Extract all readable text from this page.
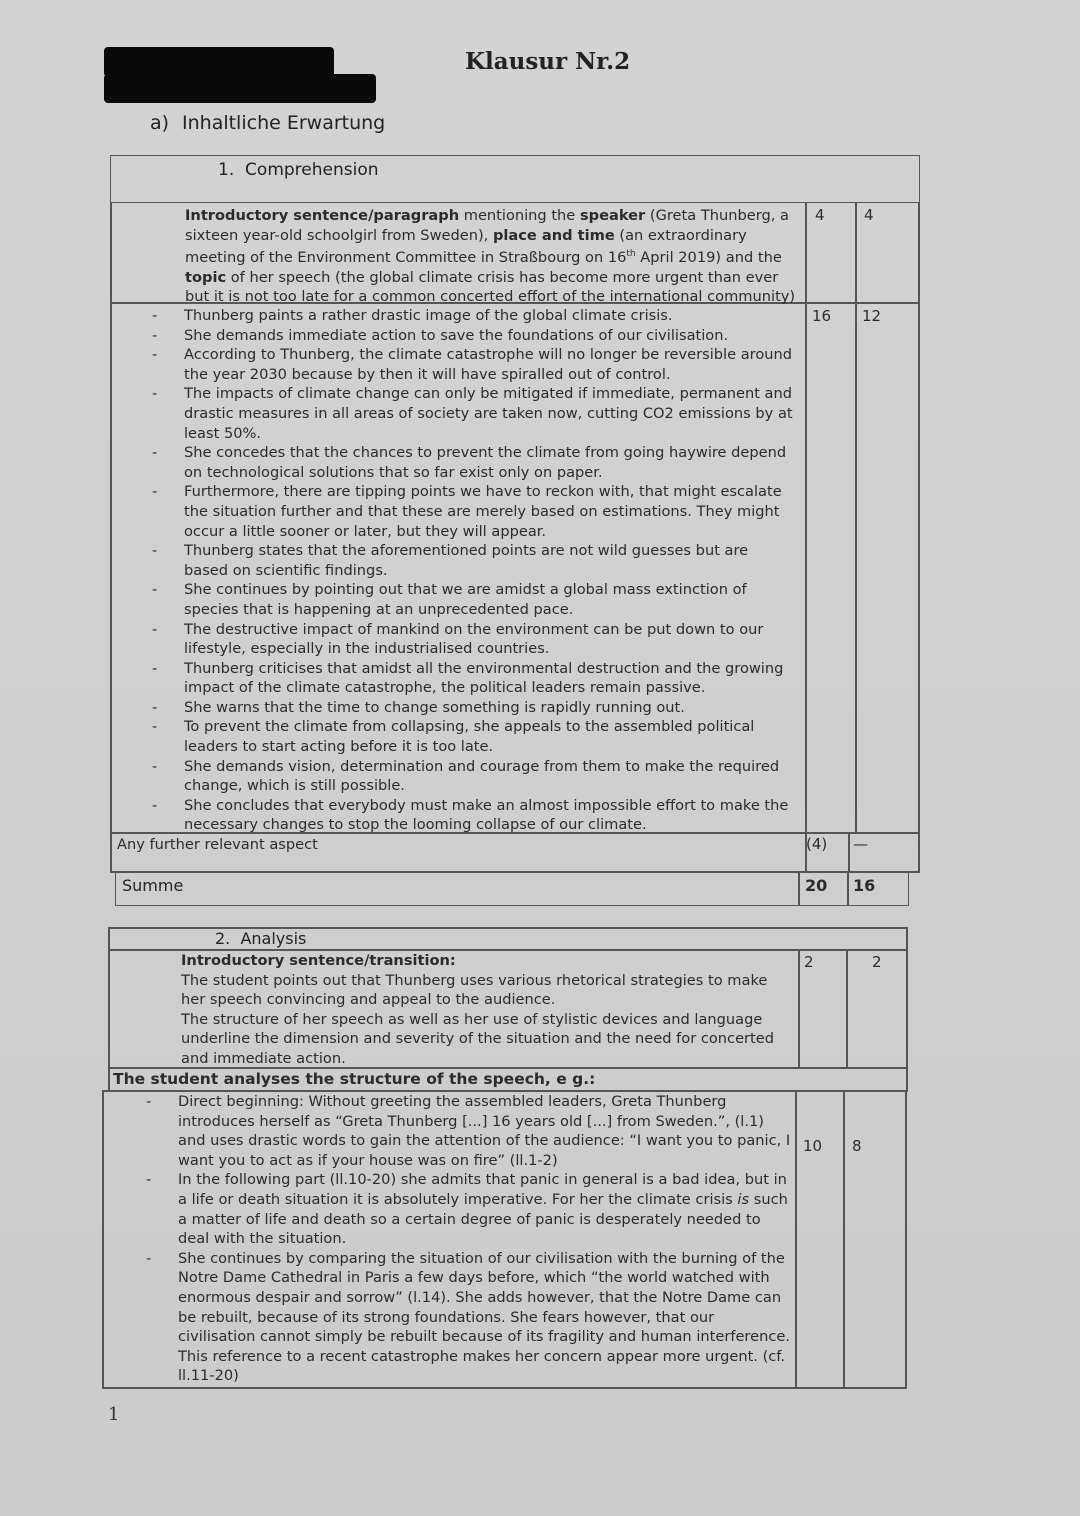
Klausur Nr.2
a) Inhaltliche Erwartung
1. Comprehension
Introductory sentence/paragraph mentioning the speaker (Greta Thunberg, a sixteen year-old schoolgirl from Sweden), place and time (an extraordinary meeting of the Environment Committee in Straßbourg on 16th April 2019) and the topic of her speech (the global climate crisis has become more urgent than ever but it is not too late for a common concerted effort of the international community)
4	4
- Thunberg paints a rather drastic image of the global climate crisis.
- She demands immediate action to save the foundations of our civilisation.
- According to Thunberg, the climate catastrophe will no longer be reversible around the year 2030 because by then it will have spiralled out of control.
- The impacts of climate change can only be mitigated if immediate, permanent and drastic measures in all areas of society are taken now, cutting CO2 emissions by at least 50%.
- She concedes that the chances to prevent the climate from going haywire depend on technological solutions that so far exist only on paper.
- Furthermore, there are tipping points we have to reckon with, that might escalate the situation further and that these are merely based on estimations. They might occur a little sooner or later, but they will appear.
- Thunberg states that the aforementioned points are not wild guesses but are based on scientific findings.
- She continues by pointing out that we are amidst a global mass extinction of species that is happening at an unprecedented pace.
- The destructive impact of mankind on the environment can be put down to our lifestyle, especially in the industrialised countries.
- Thunberg criticises that amidst all the environmental destruction and the growing impact of the climate catastrophe, the political leaders remain passive.
- She warns that the time to change something is rapidly running out.
- To prevent the climate from collapsing, she appeals to the assembled political leaders to start acting before it is too late.
- She demands vision, determination and courage from them to make the required change, which is still possible.
- She concludes that everybody must make an almost impossible effort to make the necessary changes to stop the looming collapse of our climate.
16 12
Any further relevant aspect	(4) —
Summe	20 16
2. Analysis

Introductory sentence/transition:

The student points out that Thunberg uses various rhetorical strategies to make her speech convincing and appeal to the audience.

The structure of her speech as well as her use of stylistic devices and language underline the dimension and severity of the situation and the need for concerted and immediate action.

2	2
The student analyses the structure of the speech, e g.:
- Direct beginning: Without greeting the assembled leaders, Greta Thunberg introduces herself as “Greta Thunberg [...] 16 years old [...] from Sweden.”, (l.1) and uses drastic words to gain the attention of the audience: “I want you to panic, I want you to act as if your house was on fire” (ll.1-2)
- In the following part (ll.10-20) she admits that panic in general is a bad idea, but in a life or death situation it is absolutely imperative. For her the climate crisis is such a matter of life and death so a certain degree of panic is desperately needed to deal with the situation.
- She continues by comparing the situation of our civilisation with the burning of the Notre Dame Cathedral in Paris a few days before, which “the world watched with enormous despair and sorrow” (l.14). She adds however, that the Notre Dame can be rebuilt, because of its strong foundations. She fears however, that our civilisation cannot simply be rebuilt because of its fragility and human interference. This reference to a recent catastrophe makes her concern appear more urgent. (cf. ll.11-20)
10 8
1
